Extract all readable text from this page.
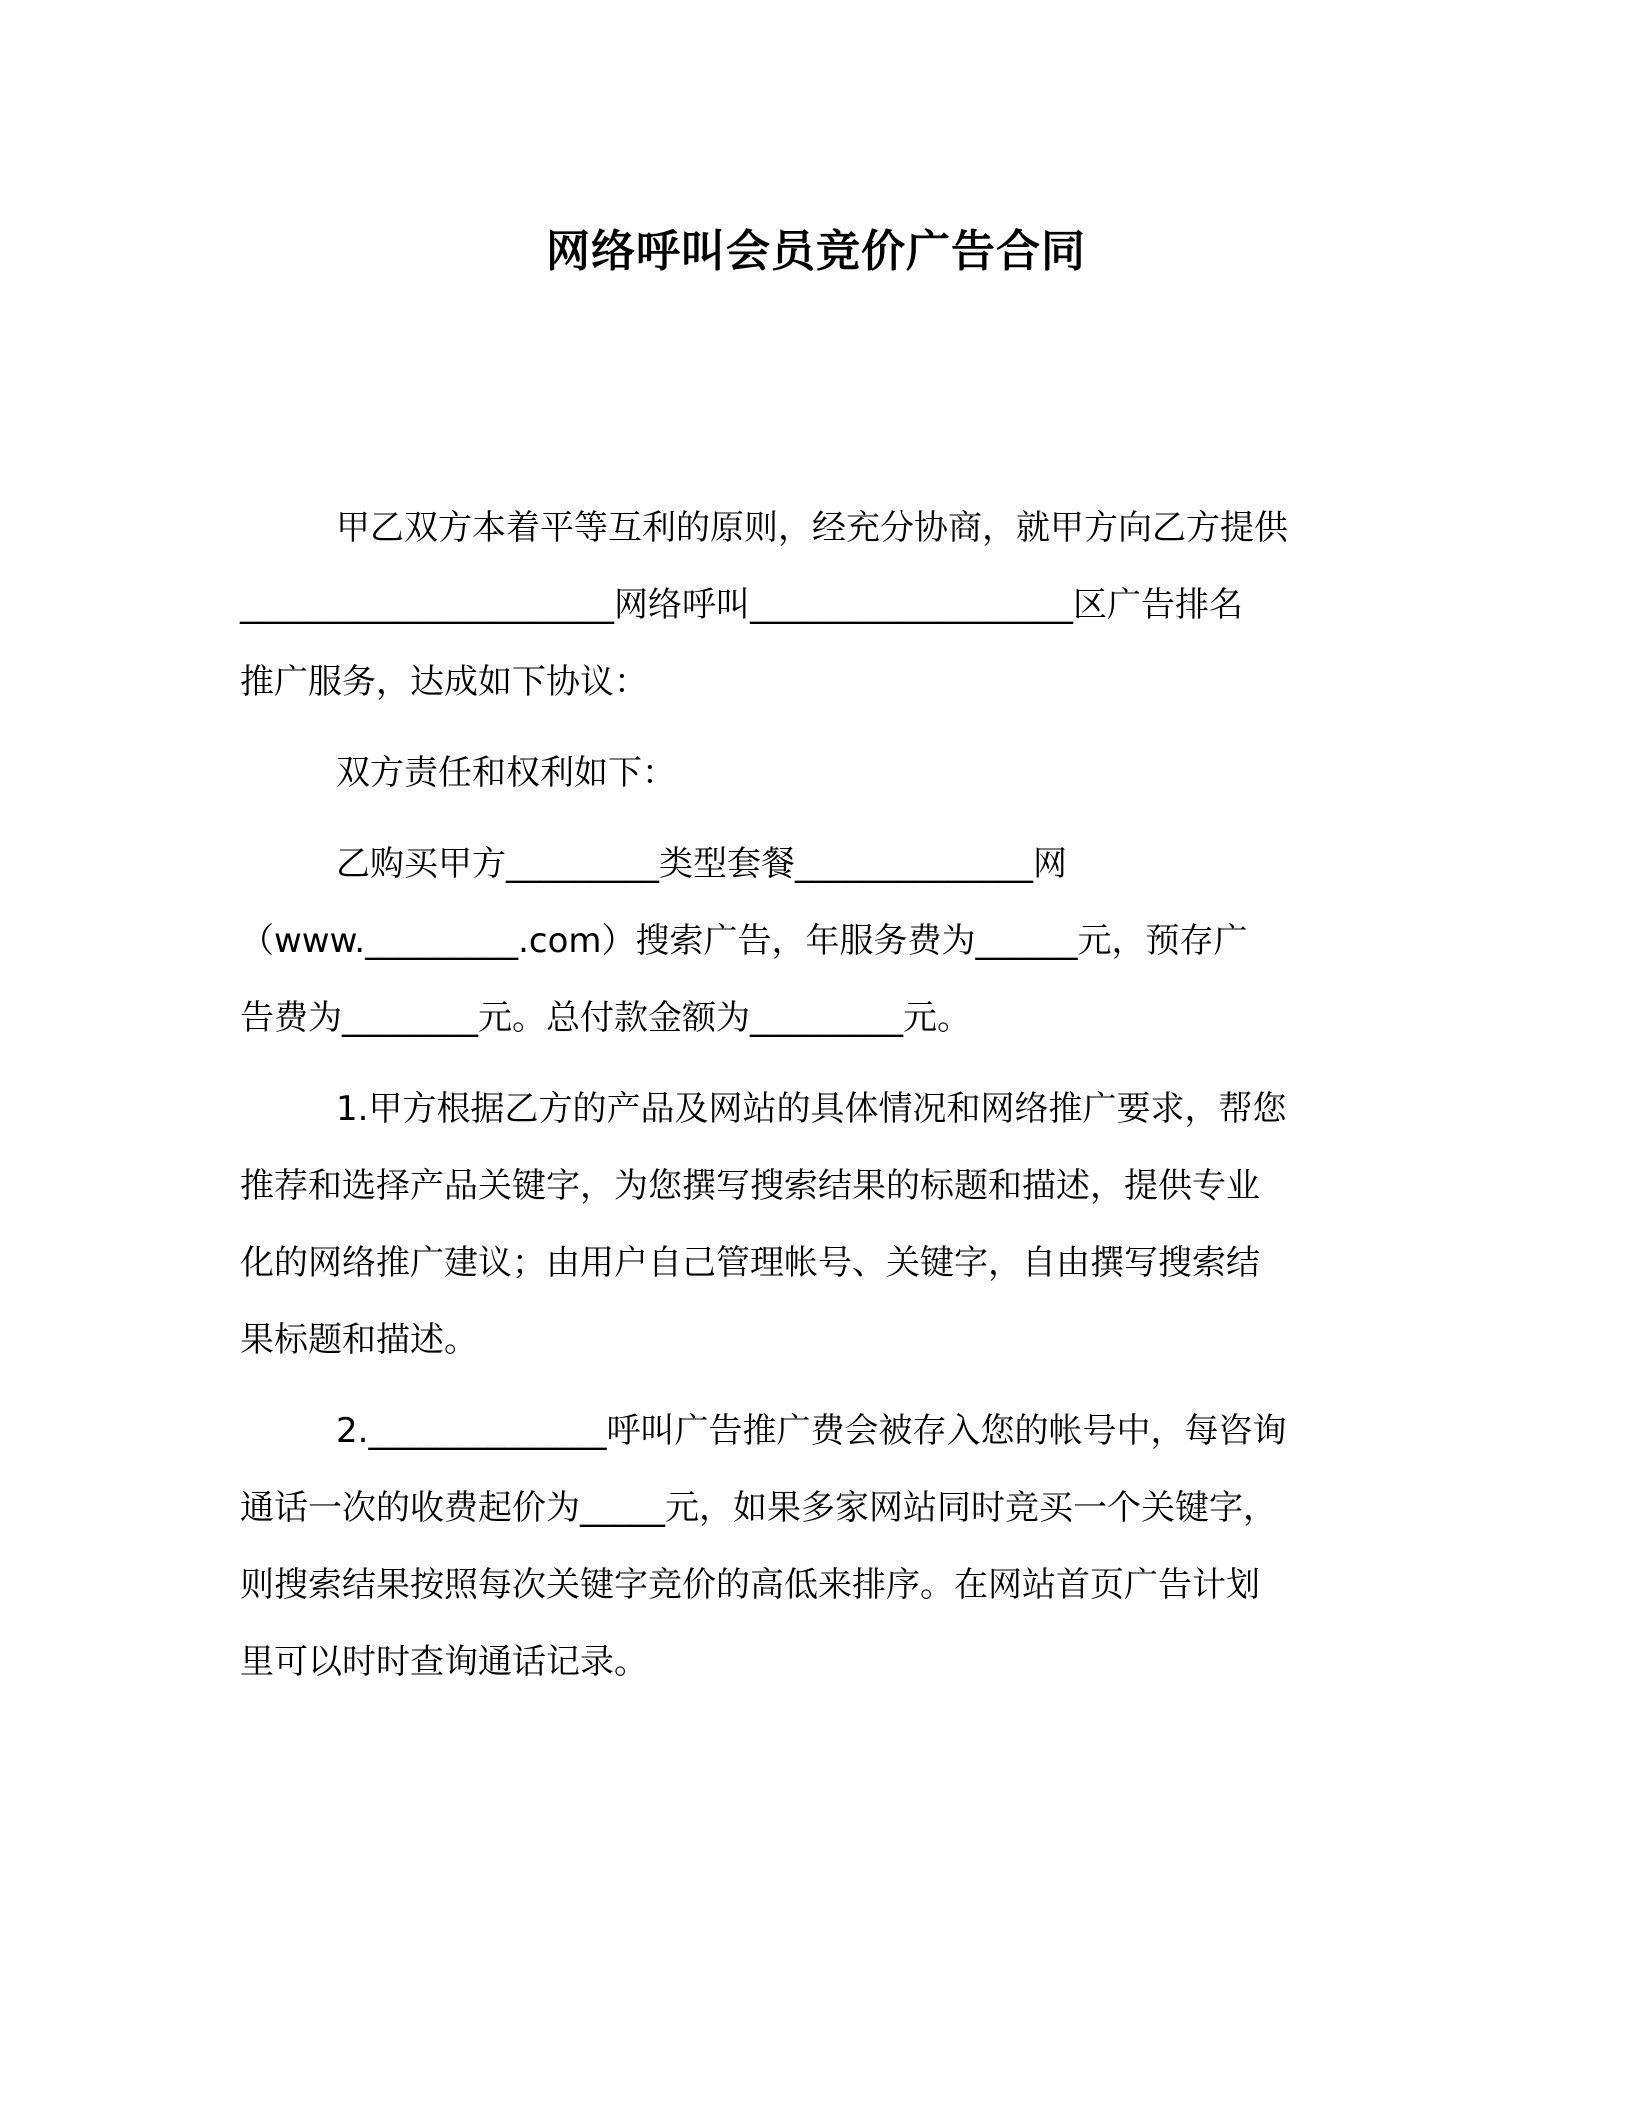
网络呼叫会员竞价广告合同
甲乙双方本着平等互利的原则，经充分协商，就甲方向乙方提供
______________________网络呼叫___________________区广告排名
推广服务，达成如下协议：
双方责任和权利如下：
乙购买甲方_________类型套餐______________网
（www._________.com）搜索广告，年服务费为______元，预存广
告费为________元。总付款金额为_________元。
1.甲方根据乙方的产品及网站的具体情况和网络推广要求，帮您
推荐和选择产品关键字，为您撰写搜索结果的标题和描述，提供专业
化的网络推广建议；由用户自己管理帐号、关键字，自由撰写搜索结
果标题和描述。
2.______________呼叫广告推广费会被存入您的帐号中，每咨询
通话一次的收费起价为_____元，如果多家网站同时竞买一个关键字，
则搜索结果按照每次关键字竞价的高低来排序。在网站首页广告计划
里可以时时查询通话记录。
